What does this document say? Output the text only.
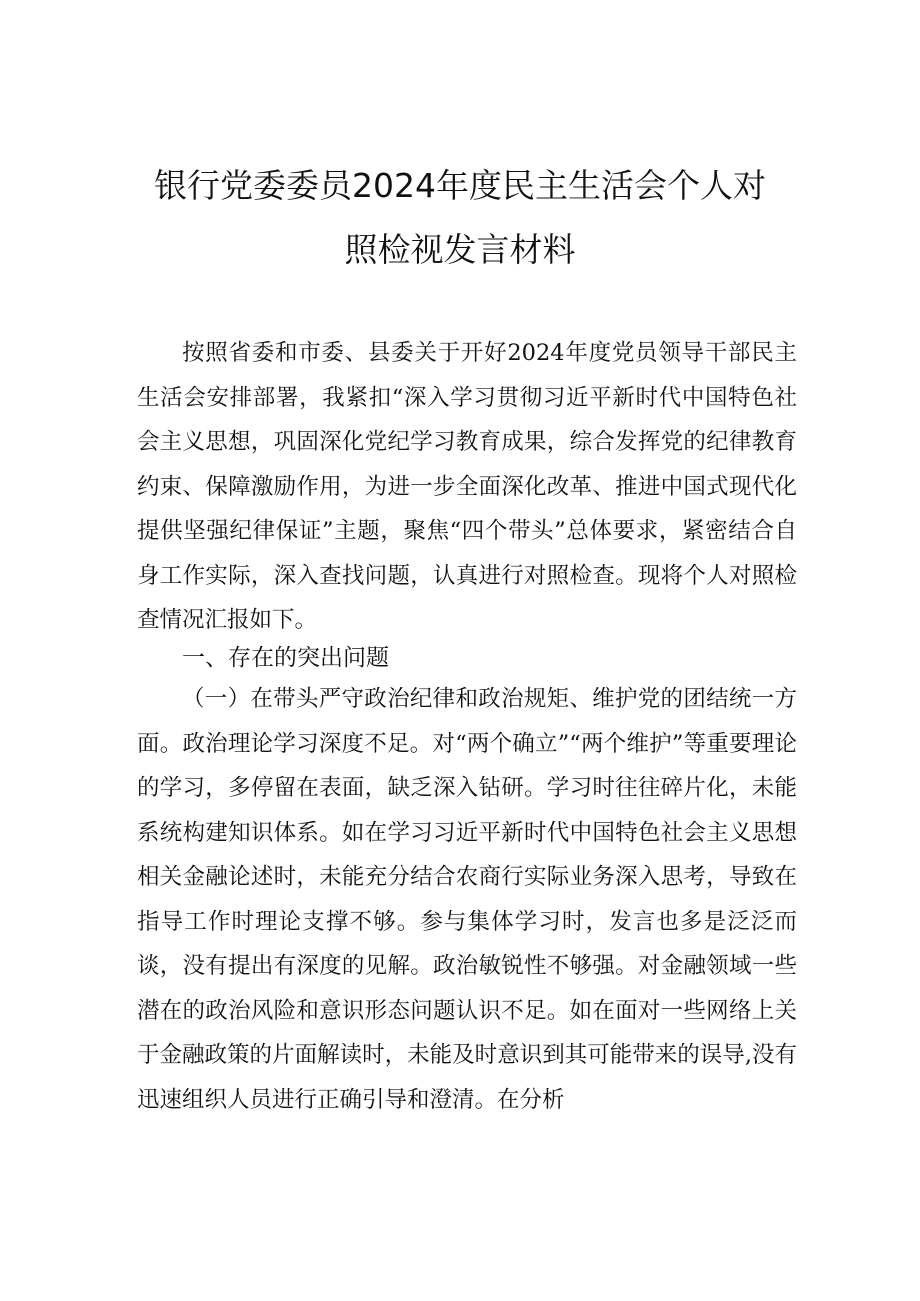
银行党委委员2024年度民主生活会个人对
照检视发言材料

按照省委和市委、县委关于开好2024年度党员领导干部民主生活会安排部署，我紧扣“深入学习贯彻习近平新时代中国特色社会主义思想，巩固深化党纪学习教育成果，综合发挥党的纪律教育约束、保障激励作用，为进一步全面深化改革、推进中国式现代化提供坚强纪律保证”主题，聚焦“四个带头”总体要求，紧密结合自身工作实际，深入查找问题，认真进行对照检查。现将个人对照检查情况汇报如下。

一、存在的突出问题

（一）在带头严守政治纪律和政治规矩、维护党的团结统一方面。政治理论学习深度不足。对“两个确立”“两个维护”等重要理论的学习，多停留在表面，缺乏深入钻研。学习时往往碎片化，未能系统构建知识体系。如在学习习近平新时代中国特色社会主义思想相关金融论述时，未能充分结合农商行实际业务深入思考，导致在指导工作时理论支撑不够。参与集体学习时，发言也多是泛泛而谈，没有提出有深度的见解。政治敏锐性不够强。对金融领域一些潜在的政治风险和意识形态问题认识不足。如在面对一些网络上关于金融政策的片面解读时，未能及时意识到其可能带来的误导,没有迅速组织人员进行正确引导和澄清。在分析
